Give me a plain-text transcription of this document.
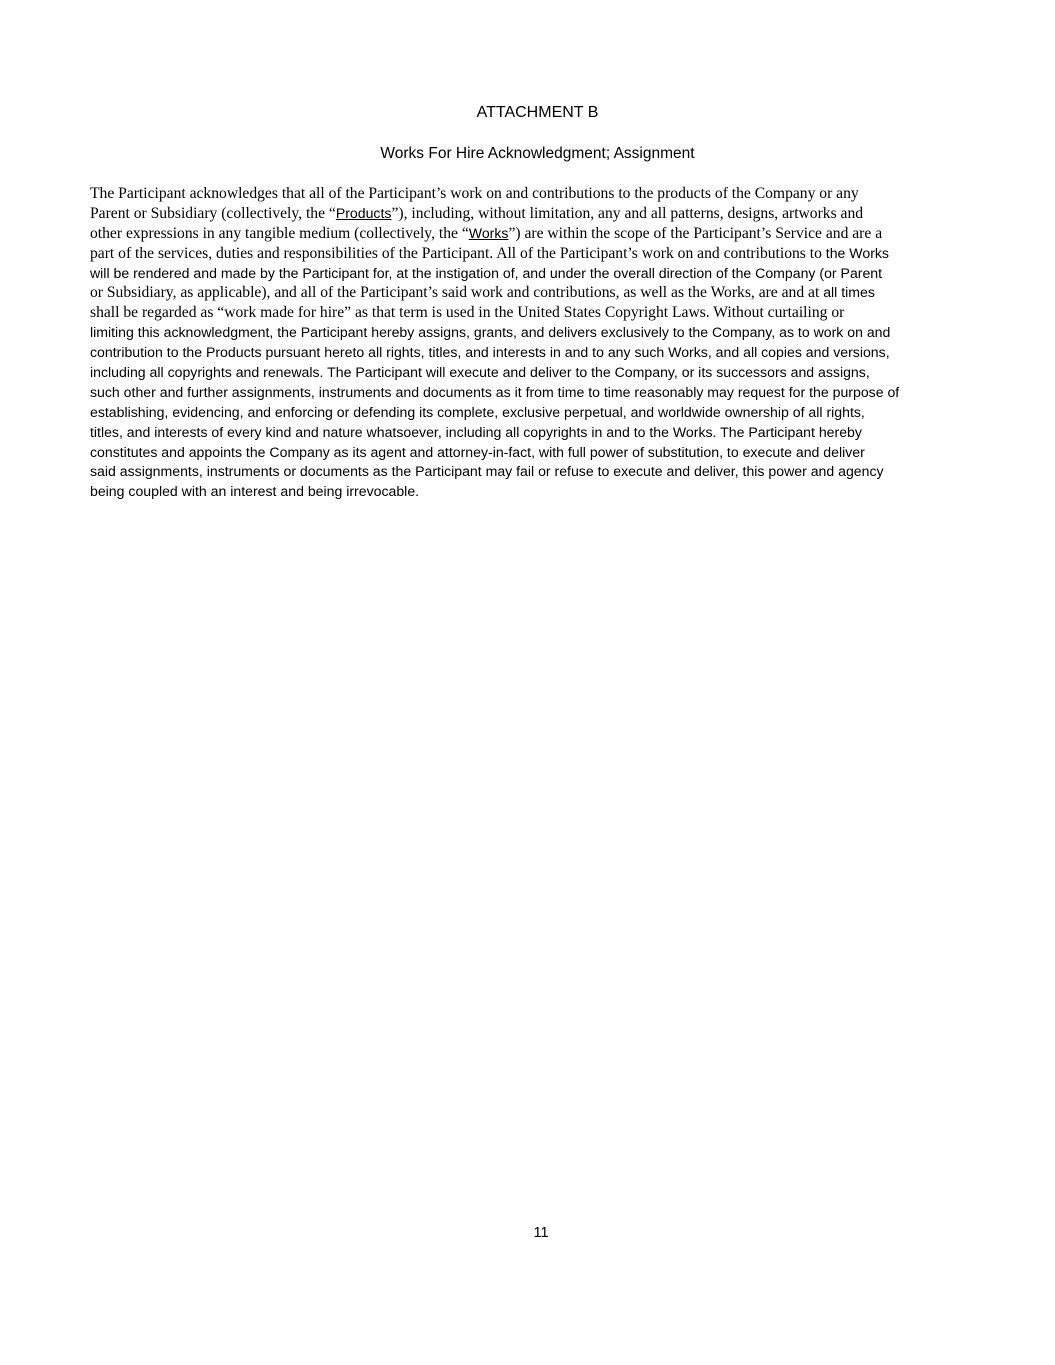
ATTACHMENT B
Works For Hire Acknowledgment; Assignment
The Participant acknowledges that all of the Participant’s work on and contributions to the products of the Company or any
Parent or Subsidiary (collectively, the “Products”), including, without limitation, any and all patterns, designs, artworks and
other expressions in any tangible medium (collectively, the “Works”) are within the scope of the Participant’s Service and are a
part of the services, duties and responsibilities of the Participant. All of the Participant’s work on and contributions to the Works
will be rendered and made by the Participant for, at the instigation of, and under the overall direction of the Company (or Parent
or Subsidiary, as applicable), and all of the Participant’s said work and contributions, as well as the Works, are and at all times
shall be regarded as “work made for hire” as that term is used in the United States Copyright Laws. Without curtailing or
limiting this acknowledgment, the Participant hereby assigns, grants, and delivers exclusively to the Company, as to work on and
contribution to the Products pursuant hereto all rights, titles, and interests in and to any such Works, and all copies and versions,
including all copyrights and renewals. The Participant will execute and deliver to the Company, or its successors and assigns,
such other and further assignments, instruments and documents as it from time to time reasonably may request for the purpose of
establishing, evidencing, and enforcing or defending its complete, exclusive perpetual, and worldwide ownership of all rights,
titles, and interests of every kind and nature whatsoever, including all copyrights in and to the Works. The Participant hereby
constitutes and appoints the Company as its agent and attorney-in-fact, with full power of substitution, to execute and deliver
said assignments, instruments or documents as the Participant may fail or refuse to execute and deliver, this power and agency
being coupled with an interest and being irrevocable.
11
